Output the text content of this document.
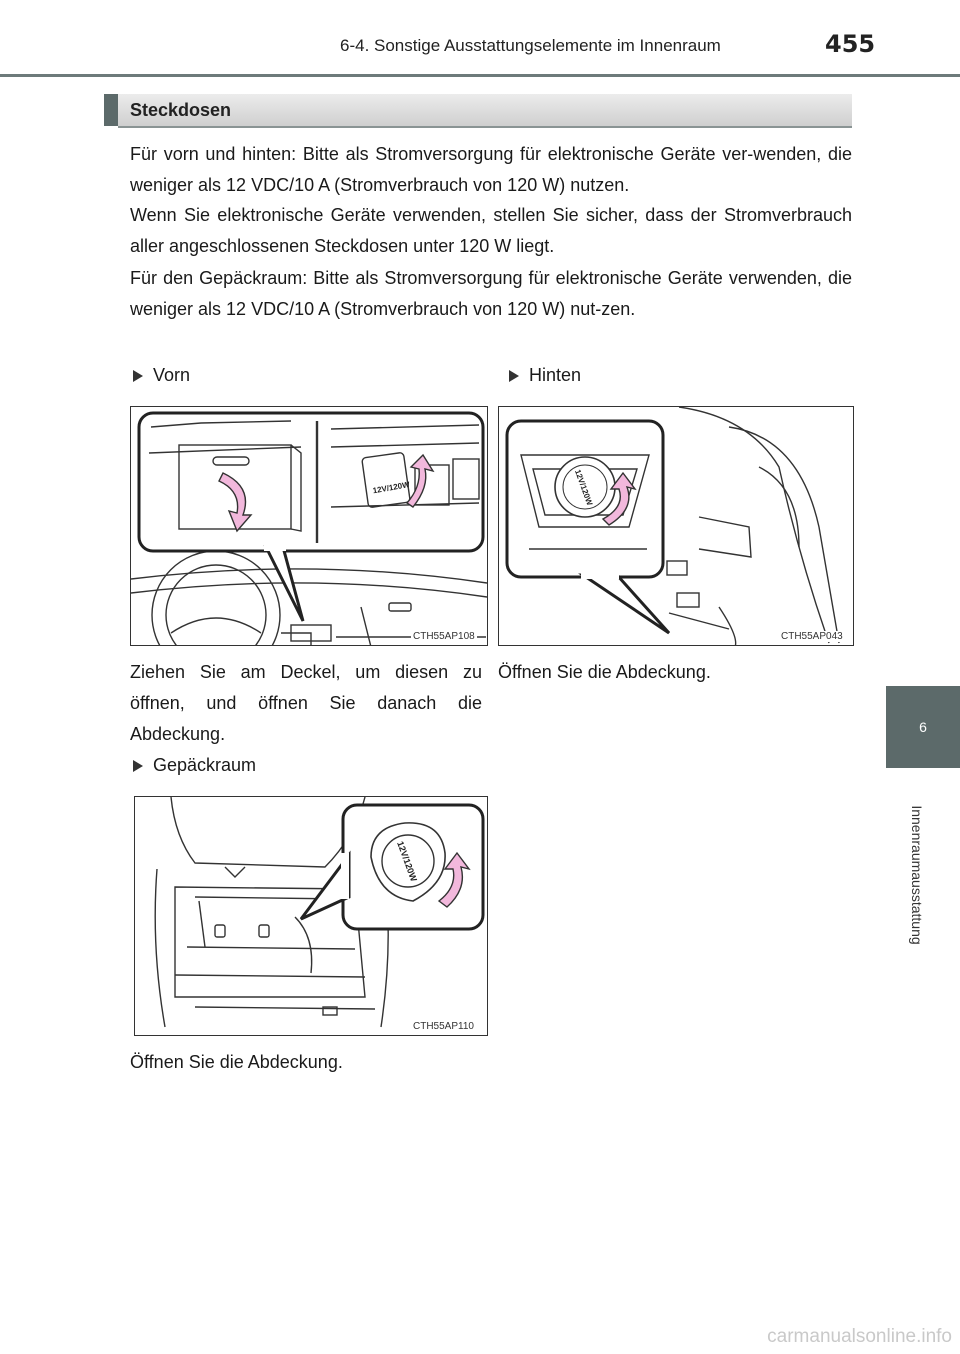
6-4. Sonstige Ausstattungselemente im Innenraum	455
6
Innenraumausstattung
Steckdosen

Für vorn und hinten: Bitte als Stromversorgung für elektronische Geräte ver-wenden, die weniger als 12 VDC/10 A (Stromverbrauch von 120 W) nutzen.

Wenn Sie elektronische Geräte verwenden, stellen Sie sicher, dass der Stromverbrauch aller angeschlossenen Steckdosen unter 120 W liegt.

Für den Gepäckraum: Bitte als Stromversorgung für elektronische Geräte verwenden, die weniger als 12 VDC/10 A (Stromverbrauch von 120 W) nut-zen.

Vorn	Hinten
12V/120W
CTH55AP108
12V/120W
CTH55AP043

Ziehen Sie am Deckel, um diesen zu öffnen, und öffnen Sie danach die Abdeckung.

Öffnen Sie die Abdeckung.

Gepäckraum
12V/120W
CTH55AP110

Öffnen Sie die Abdeckung.

carmanualsonline.info
